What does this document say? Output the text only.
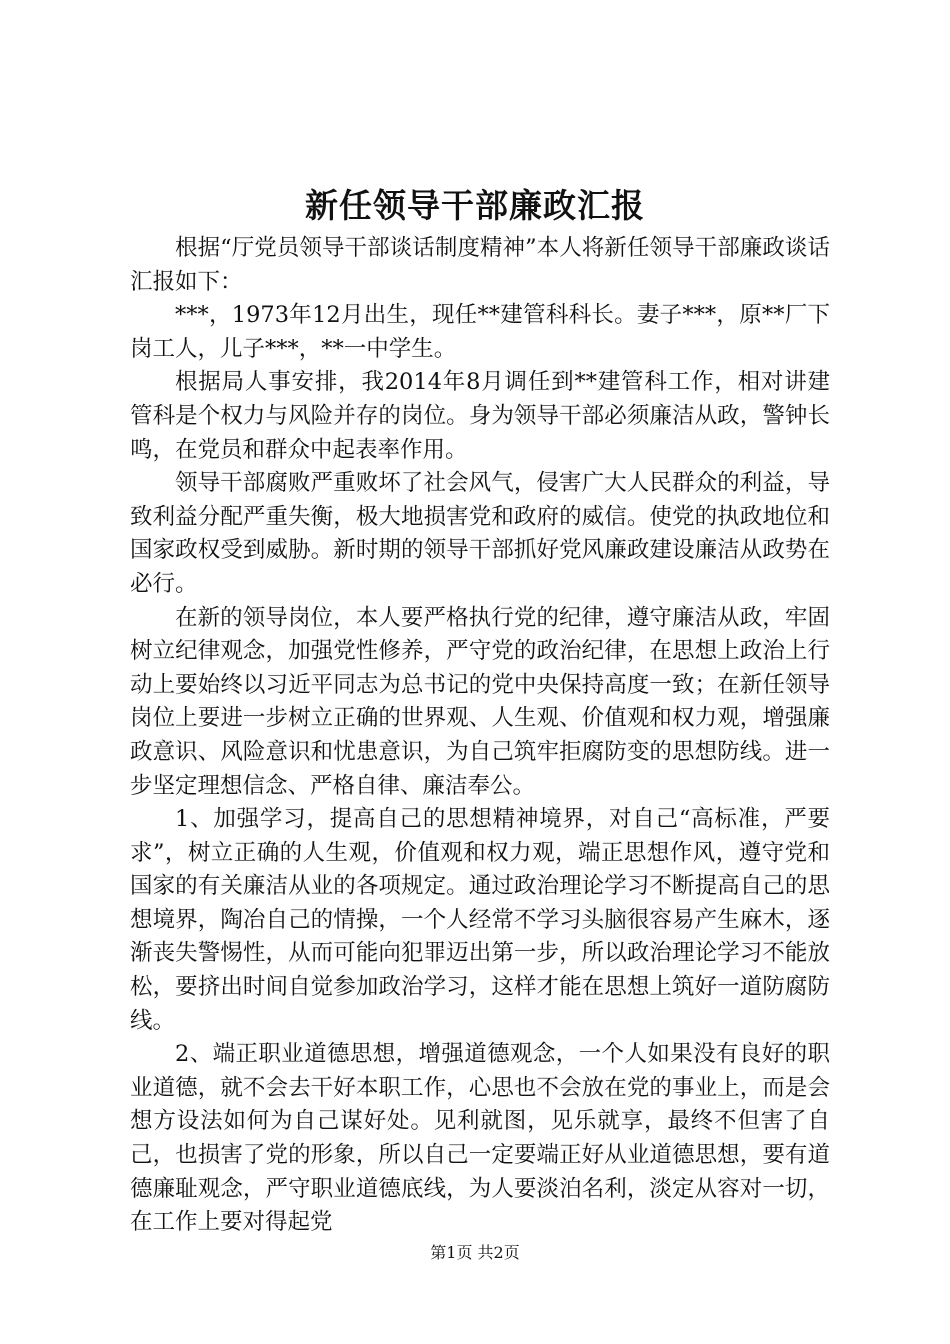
新任领导干部廉政汇报

根据“厅党员领导干部谈话制度精神”本人将新任领导干部廉政谈话汇报如下：

***，1973年12月出生，现任**建管科科长。妻子***，原**厂下岗工人，儿子***，**一中学生。

根据局人事安排，我2014年8月调任到**建管科工作，相对讲建管科是个权力与风险并存的岗位。身为领导干部必须廉洁从政，警钟长鸣，在党员和群众中起表率作用。

领导干部腐败严重败坏了社会风气，侵害广大人民群众的利益，导致利益分配严重失衡，极大地损害党和政府的威信。使党的执政地位和国家政权受到威胁。新时期的领导干部抓好党风廉政建设廉洁从政势在必行。

在新的领导岗位，本人要严格执行党的纪律，遵守廉洁从政，牢固树立纪律观念，加强党性修养，严守党的政治纪律，在思想上政治上行动上要始终以习近平同志为总书记的党中央保持高度一致；在新任领导岗位上要进一步树立正确的世界观、人生观、价值观和权力观，增强廉政意识、风险意识和忧患意识，为自己筑牢拒腐防变的思想防线。进一步坚定理想信念、严格自律、廉洁奉公。

1、加强学习，提高自己的思想精神境界，对自己“高标准，严要求”，树立正确的人生观，价值观和权力观，端正思想作风，遵守党和国家的有关廉洁从业的各项规定。通过政治理论学习不断提高自己的思想境界，陶冶自己的情操，一个人经常不学习头脑很容易产生麻木，逐渐丧失警惕性，从而可能向犯罪迈出第一步，所以政治理论学习不能放松，要挤出时间自觉参加政治学习，这样才能在思想上筑好一道防腐防线。

2、端正职业道德思想，增强道德观念，一个人如果没有良好的职业道德，就不会去干好本职工作，心思也不会放在党的事业上，而是会想方设法如何为自己谋好处。见利就图，见乐就享，最终不但害了自己，也损害了党的形象，所以自己一定要端正好从业道德思想，要有道德廉耻观念，严守职业道德底线，为人要淡泊名利，淡定从容对一切，在工作上要对得起党

第1页 共2页
